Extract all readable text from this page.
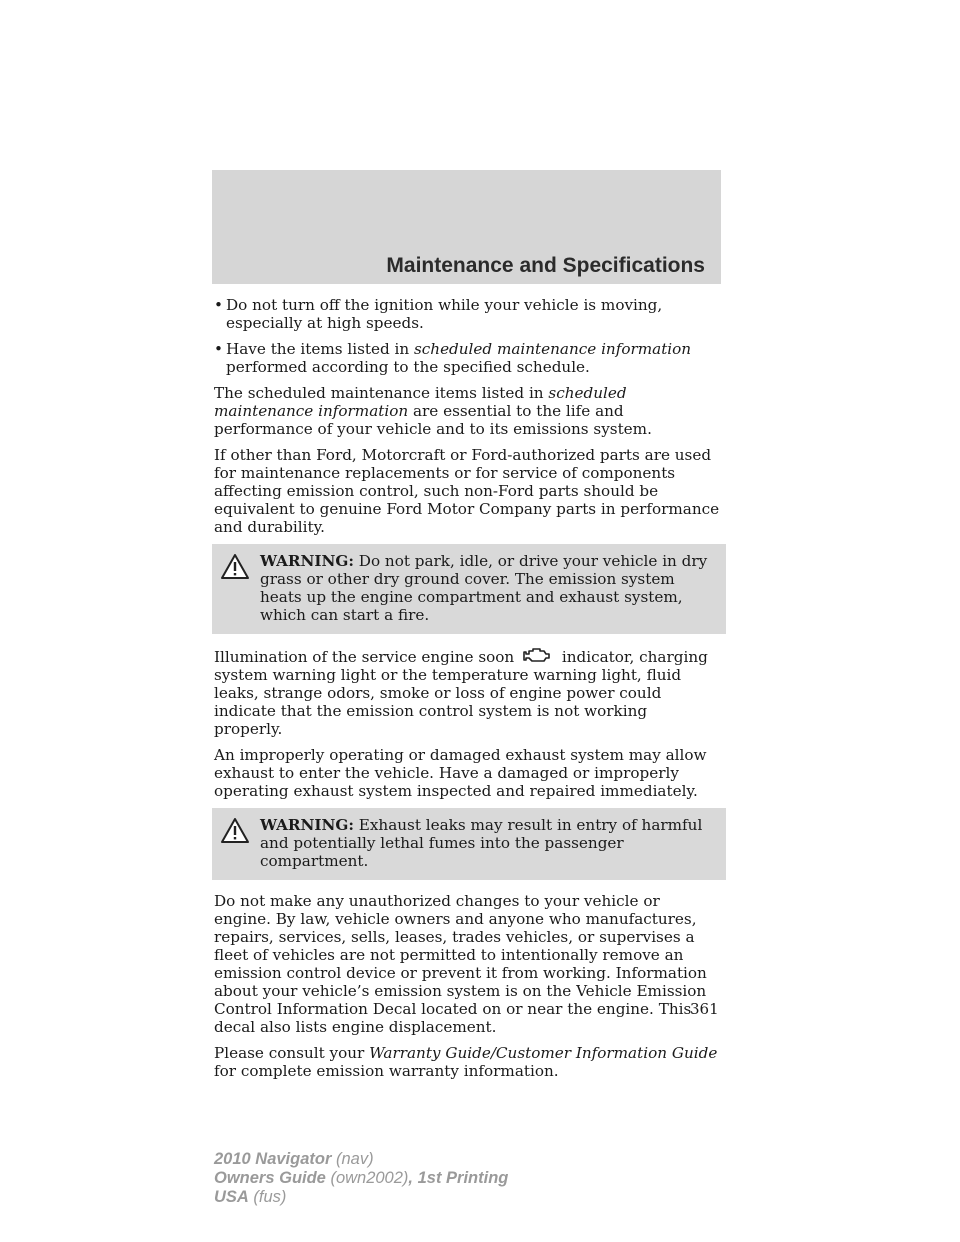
Maintenance and Specifications
• Do not turn off the ignition while your vehicle is moving, especially at high speeds.
• Have the items listed in scheduled maintenance information performed according to the specified schedule.

The scheduled maintenance items listed in scheduled maintenance information are essential to the life and performance of your vehicle and to its emissions system.

If other than Ford, Motorcraft or Ford-authorized parts are used for maintenance replacements or for service of components affecting emission control, such non-Ford parts should be equivalent to genuine Ford Motor Company parts in performance and durability.

WARNING: Do not park, idle, or drive your vehicle in dry grass or other dry ground cover. The emission system heats up the engine compartment and exhaust system, which can start a fire.

Illumination of the service engine soon	indicator, charging system warning light or the temperature warning light, fluid leaks, strange odors, smoke or loss of engine power could indicate that the emission control system is not working properly.

An improperly operating or damaged exhaust system may allow exhaust to enter the vehicle. Have a damaged or improperly operating exhaust system inspected and repaired immediately.

WARNING: Exhaust leaks may result in entry of harmful and potentially lethal fumes into the passenger compartment.

Do not make any unauthorized changes to your vehicle or engine. By law, vehicle owners and anyone who manufactures, repairs, services, sells, leases, trades vehicles, or supervises a fleet of vehicles are not permitted to intentionally remove an emission control device or prevent it from working. Information about your vehicle’s emission system is on the Vehicle Emission Control Information Decal located on or near the engine. This decal also lists engine displacement.

Please consult your Warranty Guide/Customer Information Guide for complete emission warranty information.

361
2010 Navigator (nav)
Owners Guide (own2002), 1st Printing
USA (fus)
